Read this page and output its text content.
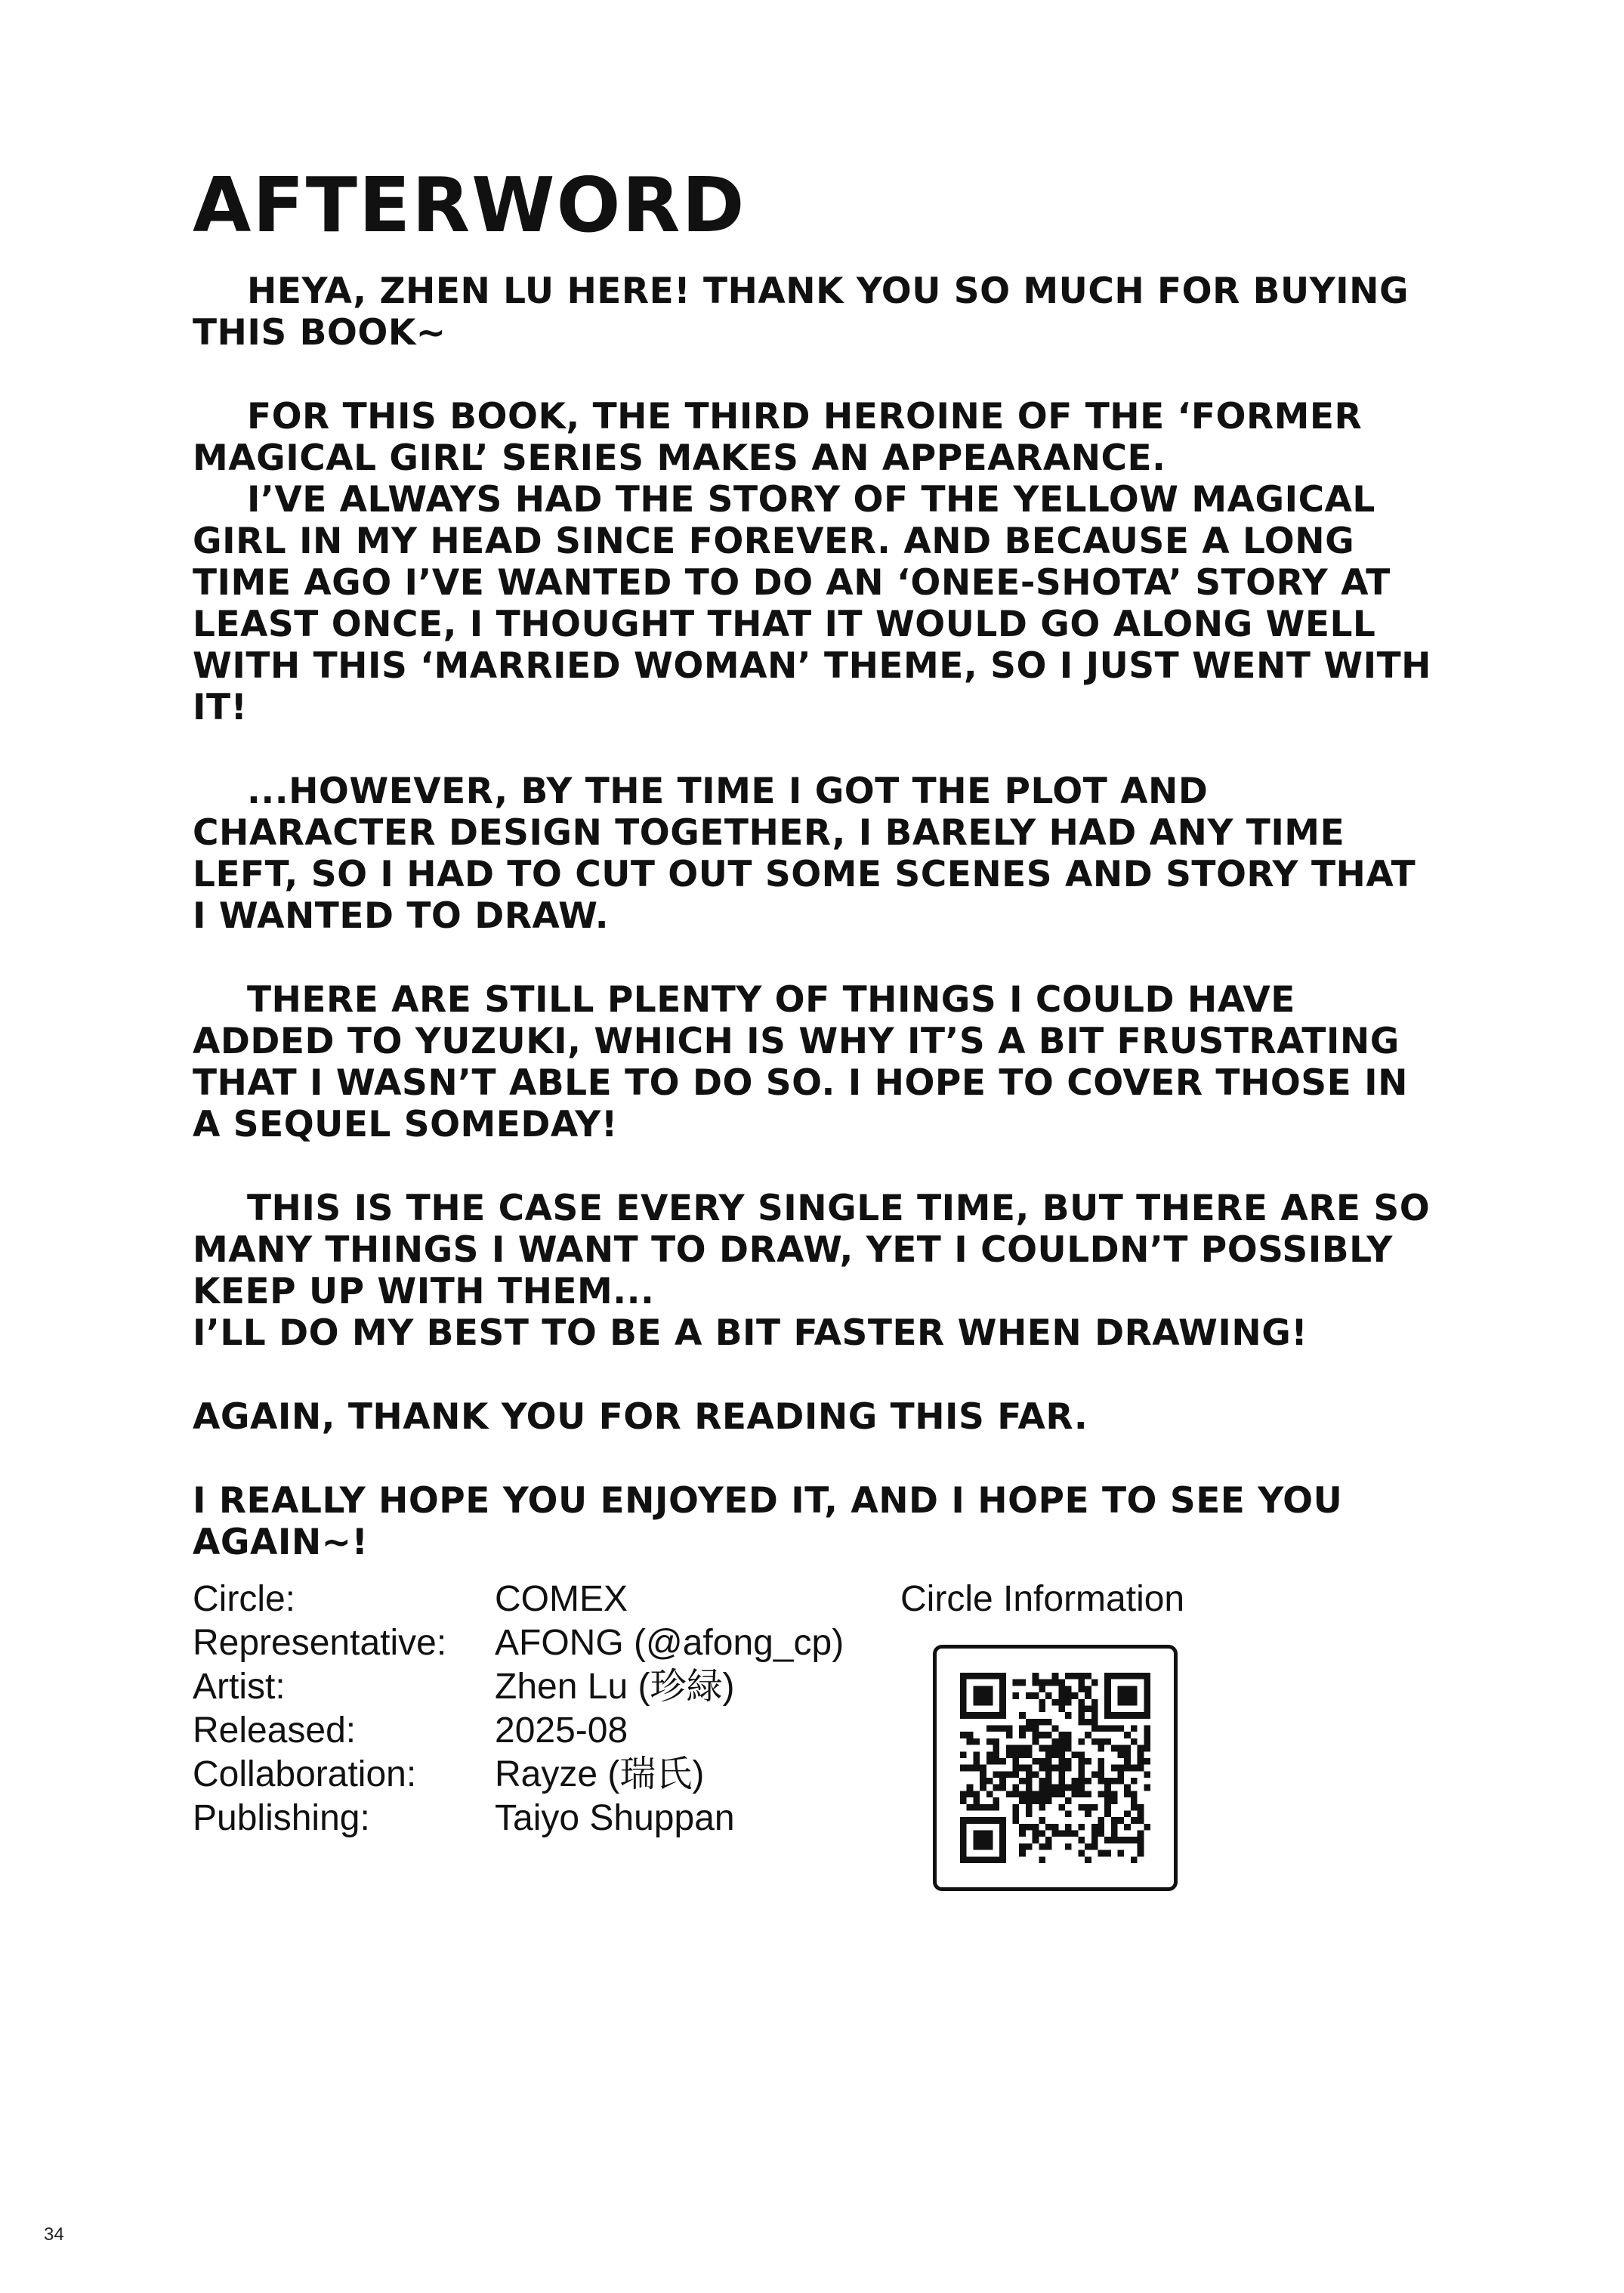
AFTERWORD

HEYA, ZHEN LU HERE! THANK YOU SO MUCH FOR BUYING THIS BOOK~

FOR THIS BOOK, THE THIRD HEROINE OF THE ‘FORMER MAGICAL GIRL’ SERIES MAKES AN APPEARANCE.

I’VE ALWAYS HAD THE STORY OF THE YELLOW MAGICAL GIRL IN MY HEAD SINCE FOREVER. AND BECAUSE A LONG TIME AGO I’VE WANTED TO DO AN ‘ONEE-SHOTA’ STORY AT LEAST ONCE, I THOUGHT THAT IT WOULD GO ALONG WELL WITH THIS ‘MARRIED WOMAN’ THEME, SO I JUST WENT WITH IT!

...HOWEVER, BY THE TIME I GOT THE PLOT AND CHARACTER DESIGN TOGETHER, I BARELY HAD ANY TIME LEFT, SO I HAD TO CUT OUT SOME SCENES AND STORY THAT I WANTED TO DRAW.

THERE ARE STILL PLENTY OF THINGS I COULD HAVE ADDED TO YUZUKI, WHICH IS WHY IT’S A BIT FRUSTRATING THAT I WASN’T ABLE TO DO SO. I HOPE TO COVER THOSE IN A SEQUEL SOMEDAY!

THIS IS THE CASE EVERY SINGLE TIME, BUT THERE ARE SO MANY THINGS I WANT TO DRAW, YET I COULDN’T POSSIBLY KEEP UP WITH THEM...

I’LL DO MY BEST TO BE A BIT FASTER WHEN DRAWING!

AGAIN, THANK YOU FOR READING THIS FAR.

I REALLY HOPE YOU ENJOYED IT, AND I HOPE TO SEE YOU AGAIN~!

Circle:	COMEX
Representative:	AFONG (@afong_cp)
Artist:	Zhen Lu (珍緑)
Released:	2025-08
Collaboration:	Rayze (瑞氏)
Publishing:	Taiyo Shuppan
Circle Information
34
